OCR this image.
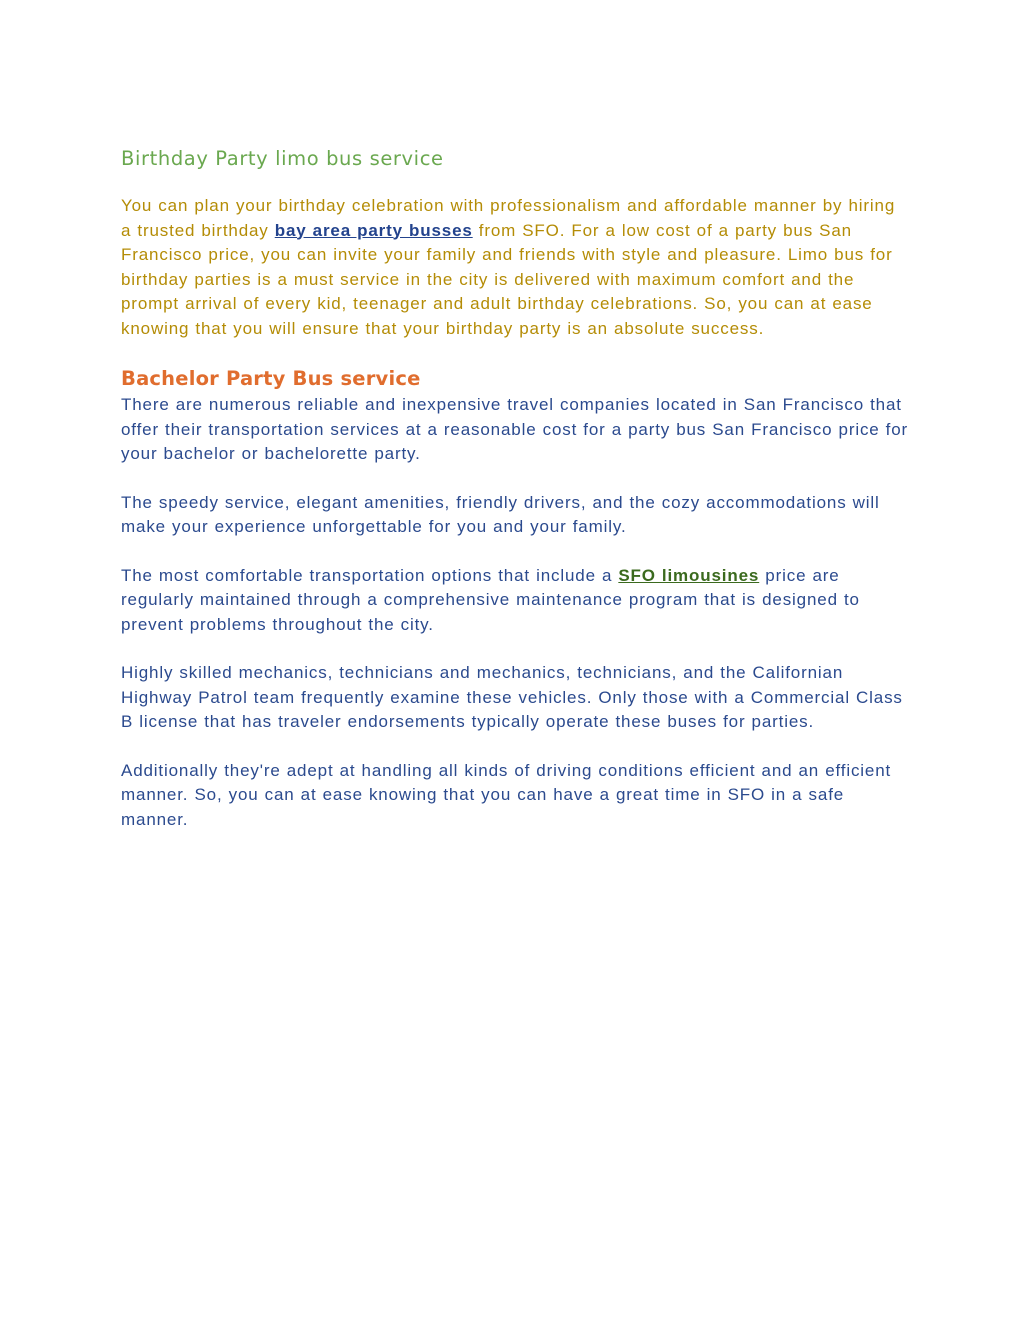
Birthday Party limo bus service

You can plan your birthday celebration with professionalism and affordable manner by hiring a trusted birthday bay area party busses from SFO. For a low cost of a party bus San Francisco price, you can invite your family and friends with style and pleasure. Limo bus for birthday parties is a must service in the city is delivered with maximum comfort and the prompt arrival of every kid, teenager and adult birthday celebrations. So, you can at ease knowing that you will ensure that your birthday party is an absolute success.

Bachelor Party Bus service

There are numerous reliable and inexpensive travel companies located in San Francisco that offer their transportation services at a reasonable cost for a party bus San Francisco price for your bachelor or bachelorette party.

The speedy service, elegant amenities, friendly drivers, and the cozy accommodations will make your experience unforgettable for you and your family.

The most comfortable transportation options that include a SFO limousines price are regularly maintained through a comprehensive maintenance program that is designed to prevent problems throughout the city.

Highly skilled mechanics, technicians and mechanics, technicians, and the Californian Highway Patrol team frequently examine these vehicles. Only those with a Commercial Class B license that has traveler endorsements typically operate these buses for parties.

Additionally they're adept at handling all kinds of driving conditions efficient and an efficient manner. So, you can at ease knowing that you can have a great time in SFO in a safe manner.
